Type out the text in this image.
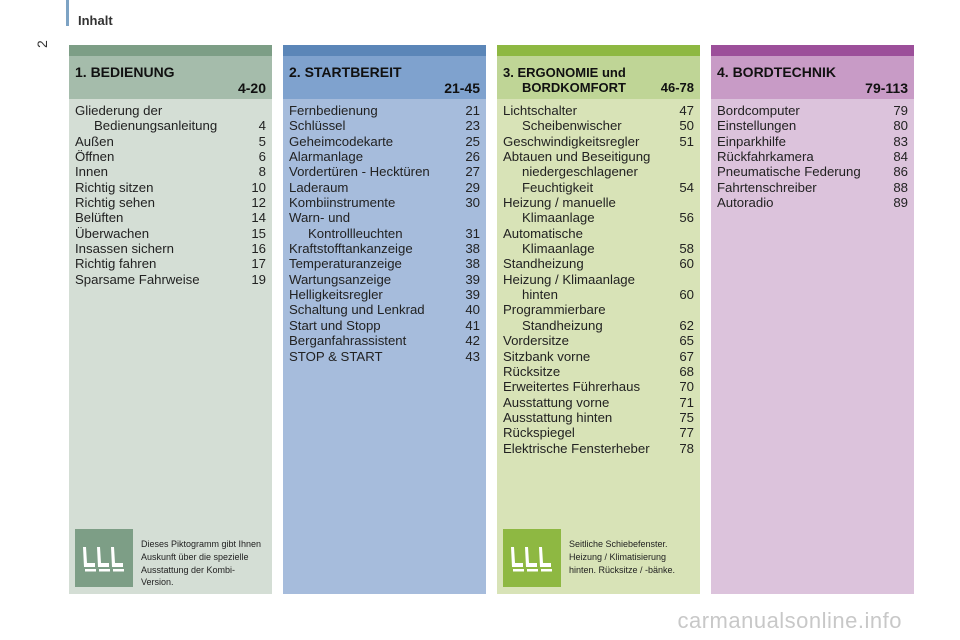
Inhalt
2
1. BEDIENUNG
4-20
Gliederung der
Bedienungsanleitung	4
Außen	5
Öffnen	6
Innen	8
Richtig sitzen	10
Richtig sehen	12
Belüften	14
Überwachen	15
Insassen sichern	16
Richtig fahren	17
Sparsame Fahrweise	19
Dieses Piktogramm gibt Ihnen Auskunft über die spezielle Ausstattung der Kombi-Version.
2. STARTBEREIT
21-45
Fernbedienung	21
Schlüssel	23
Geheimcodekarte	25
Alarmanlage	26
Vordertüren - Hecktüren	27
Laderaum	29
Kombiinstrumente	30
Warn- und
Kontrollleuchten	31
Kraftstofftankanzeige	38
Temperaturanzeige	38
Wartungsanzeige	39
Helligkeitsregler	39
Schaltung und Lenkrad	40
Start und Stopp	41
Berganfahrassistent	42
STOP & START	43
3. ERGONOMIE und
BORDKOMFORT	46-78
Lichtschalter	47
Scheibenwischer	50
Geschwindigkeitsregler	51
Abtauen und Beseitigung
niedergeschlagener
Feuchtigkeit	54
Heizung / manuelle
Klimaanlage	56
Automatische
Klimaanlage	58
Standheizung	60
Heizung / Klimaanlage
hinten	60
Programmierbare
Standheizung	62
Vordersitze	65
Sitzbank vorne	67
Rücksitze	68
Erweitertes Führerhaus	70
Ausstattung vorne	71
Ausstattung hinten	75
Rückspiegel	77
Elektrische Fensterheber	78
Seitliche Schiebefenster. Heizung / Klimatisierung hinten. Rücksitze / -bänke.
4. BORDTECHNIK
79-113
Bordcomputer	79
Einstellungen	80
Einparkhilfe	83
Rückfahrkamera	84
Pneumatische Federung	86
Fahrtenschreiber	88
Autoradio	89
carmanualsonline.info
